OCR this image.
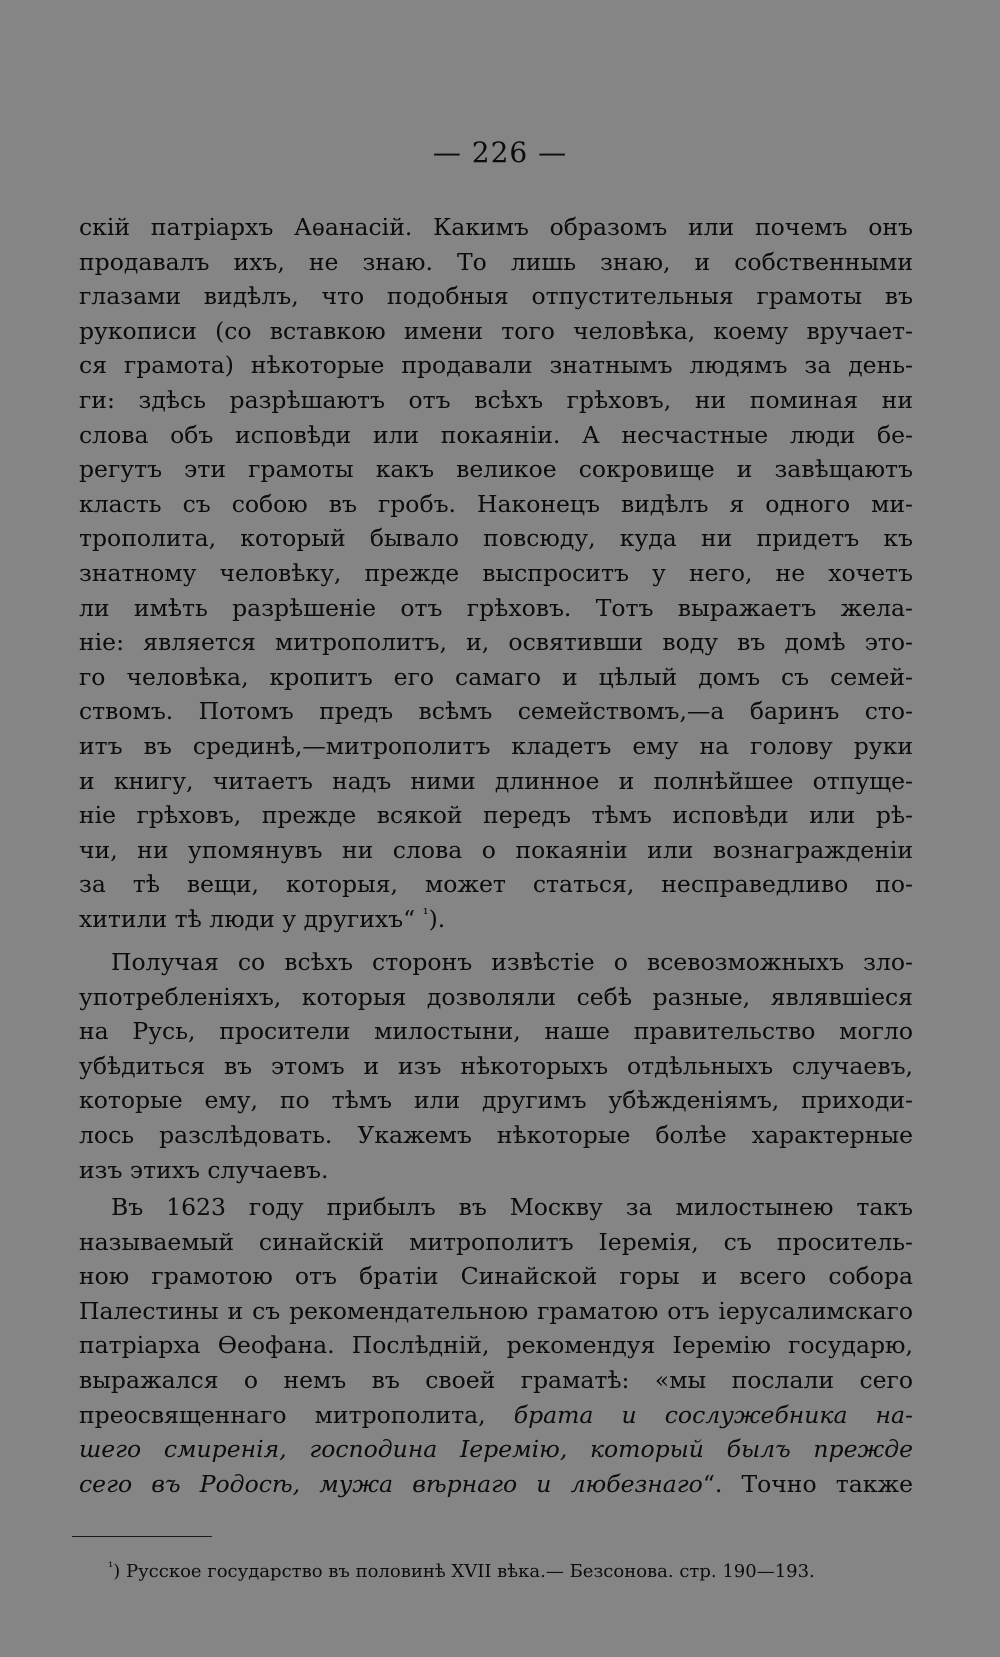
— 226 —
скій патріархъ Аѳанасій. Какимъ образомъ или почемъ онъ
продавалъ ихъ, не знаю. То лишь знаю, и собственными
глазами видѣлъ, что подобныя отпустительныя грамоты въ
рукописи (со вставкою имени того человѣка, коему вручает-
ся грамота) нѣкоторые продавали знатнымъ людямъ за день-
ги: здѣсь разрѣшаютъ отъ всѣхъ грѣховъ, ни поминая ни
слова объ исповѣди или покаяніи. А несчастные люди бе-
регутъ эти грамоты какъ великое сокровище и завѣщаютъ
класть съ собою въ гробъ. Наконецъ видѣлъ я одного ми-
трополита, который бывало повсюду, куда ни придетъ къ
знатному человѣку, прежде выспроситъ у него, не хочетъ
ли имѣть разрѣшеніе отъ грѣховъ. Тотъ выражаетъ жела-
ніе: является митрополитъ, и, освятивши воду въ домѣ это-
го человѣка, кропитъ его самаго и цѣлый домъ съ семей-
ствомъ. Потомъ предъ всѣмъ семействомъ,—а баринъ сто-
итъ въ срединѣ,—митрополитъ кладетъ ему на голову руки
и книгу, читаетъ надъ ними длинное и полнѣйшее отпуще-
ніе грѣховъ, прежде всякой передъ тѣмъ исповѣди или рѣ-
чи, ни упомянувъ ни слова о покаяніи или вознагражденіи
за тѣ вещи, которыя, может статься, несправедливо по-
хитили тѣ люди у другихъ“ $^{^1}$).
Получая со всѣхъ сторонъ извѣстіе о всевозможныхъ зло-
употребленіяхъ, которыя дозволяли себѣ разные, являвшіеся
на Русь, просители милостыни, наше правительство могло
убѣдиться въ этомъ и изъ нѣкоторыхъ отдѣльныхъ случаевъ,
которые ему, по тѣмъ или другимъ убѣжденіямъ, приходи-
лось разслѣдовать. Укажемъ нѣкоторые болѣе характерные
изъ этихъ случаевъ.
Въ 1623 году прибылъ въ Москву за милостынею такъ
называемый синайскій митрополитъ Іеремія, съ проситель-
ною грамотою отъ братіи Синайской горы и всего собора
Палестины и съ рекомендательною граматою отъ іерусалимскаго
патріарха Ѳеофана. Послѣдній, рекомендуя Іеремію государю,
выражался о немъ въ своей граматѣ: «мы послали сего
преосвященнаго митрополита, брата и сослужебника на-
шего смиренія, господина Іеремію, который былъ прежде
сего въ Родосѣ, мужа вѣрнаго и любезнаго“. Точно также
$^{^1}$) Русское государство въ половинѣ XVII вѣка.— Безсонова. стр. 190—193.
